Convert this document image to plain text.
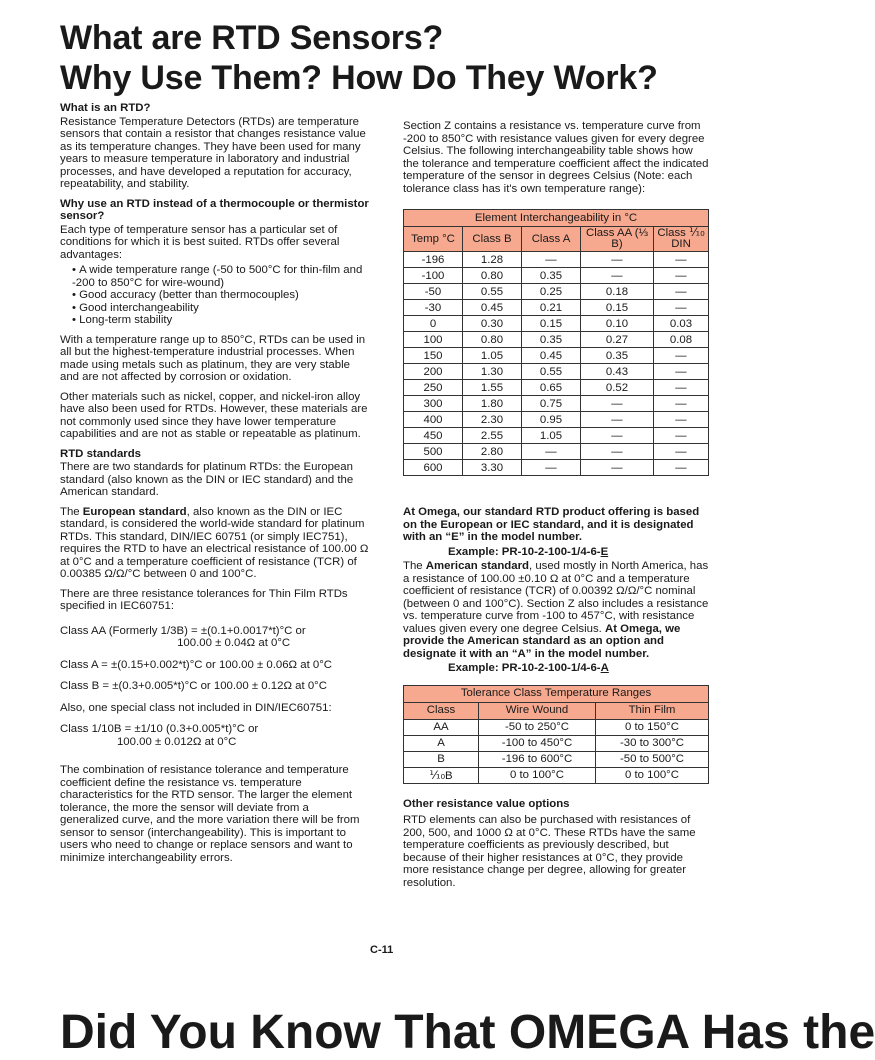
What are RTD Sensors?
Why Use Them? How Do They Work?

What is an RTD?

Resistance Temperature Detectors (RTDs) are temperature sensors that contain a resistor that changes resistance value as its temperature changes. They have been used for many years to measure temperature in laboratory and industrial processes, and have developed a reputation for accuracy, repeatability, and stability.

Why use an RTD instead of a thermocouple or thermistor sensor?

Each type of temperature sensor has a particular set of conditions for which it is best suited. RTDs offer several advantages:

• A wide temperature range (-50 to 500°C for thin-film and -200 to 850°C for wire-wound)
• Good accuracy (better than thermocouples)
• Good interchangeability
• Long-term stability

With a temperature range up to 850°C, RTDs can be used in all but the highest-temperature industrial processes. When made using metals such as platinum, they are very stable and are not affected by corrosion or oxidation.

Other materials such as nickel, copper, and nickel-iron alloy have also been used for RTDs. However, these materials are not commonly used since they have lower temperature capabilities and are not as stable or repeatable as platinum.

RTD standards

There are two standards for platinum RTDs: the European standard (also known as the DIN or IEC standard) and the American standard.

The European standard, also known as the DIN or IEC standard, is considered the world-wide standard for platinum RTDs. This standard, DIN/IEC 60751 (or simply IEC751), requires the RTD to have an electrical resistance of 100.00 Ω at 0°C and a temperature coefficient of resistance (TCR) of 0.00385 Ω/Ω/°C between 0 and 100°C.

There are three resistance tolerances for Thin Film RTDs specified in IEC60751:

Class AA (Formerly 1/3B) = ±(0.1+0.0017*t)°C or
100.00 ± 0.04Ω at 0°C

Class A = ±(0.15+0.002*t)°C or 100.00 ± 0.06Ω at 0°C

Class B = ±(0.3+0.005*t)°C or 100.00 ± 0.12Ω at 0°C

Also, one special class not included in DIN/IEC60751:

Class 1/10B = ±1/10 (0.3+0.005*t)°C or
100.00 ± 0.012Ω at 0°C

The combination of resistance tolerance and temperature coefficient define the resistance vs. temperature characteristics for the RTD sensor. The larger the element tolerance, the more the sensor will deviate from a generalized curve, and the more variation there will be from sensor to sensor (interchangeability). This is important to users who need to change or replace sensors and want to minimize interchangeability errors.

Section Z contains a resistance vs. temperature curve from -200 to 850°C with resistance values given for every degree Celsius. The following interchangeability table shows how the tolerance and temperature coefficient affect the indicated temperature of the sensor in degrees Celsius (Note: each tolerance class has it's own temperature range):

Element Interchangeability in °C				
Temp °C	Class B	Class A	Class AA (⅓ B)	Class ⅒ DIN
-196	1.28	—	—	—
-100	0.80	0.35	—	—
-50	0.55	0.25	0.18	—
-30	0.45	0.21	0.15	—
0	0.30	0.15	0.10	0.03
100	0.80	0.35	0.27	0.08
150	1.05	0.45	0.35	—
200	1.30	0.55	0.43	—
250	1.55	0.65	0.52	—
300	1.80	0.75	—	—
400	2.30	0.95	—	—
450	2.55	1.05	—	—
500	2.80	—	—	—
600	3.30	—	—	—

At Omega, our standard RTD product offering is based on the European or IEC standard, and it is designated with an “E” in the model number.

Example: PR-10-2-100-1/4-6-E

The American standard, used mostly in North America, has a resistance of 100.00 ±0.10 Ω at 0°C and a temperature coefficient of resistance (TCR) of 0.00392 Ω/Ω/°C nominal (between 0 and 100°C). Section Z also includes a resistance vs. temperature curve from -100 to 457°C, with resistance values given every one degree Celsius. At Omega, we provide the American standard as an option and designate it with an “A” in the model number.

Example: PR-10-2-100-1/4-6-A

Tolerance Class Temperature Ranges		
Class	Wire Wound	Thin Film
AA	-50 to 250°C	0 to 150°C
A	-100 to 450°C	-30 to 300°C
B	-196 to 600°C	-50 to 500°C
⅒B	0 to 100°C	0 to 100°C

Other resistance value options

RTD elements can also be purchased with resistances of 200, 500, and 1000 Ω at 0°C. These RTDs have the same temperature coefficients as previously described, but because of their higher resistances at 0°C, they provide more resistance change per degree, allowing for greater resolution.

C-11
Did You Know That OMEGA Has the
